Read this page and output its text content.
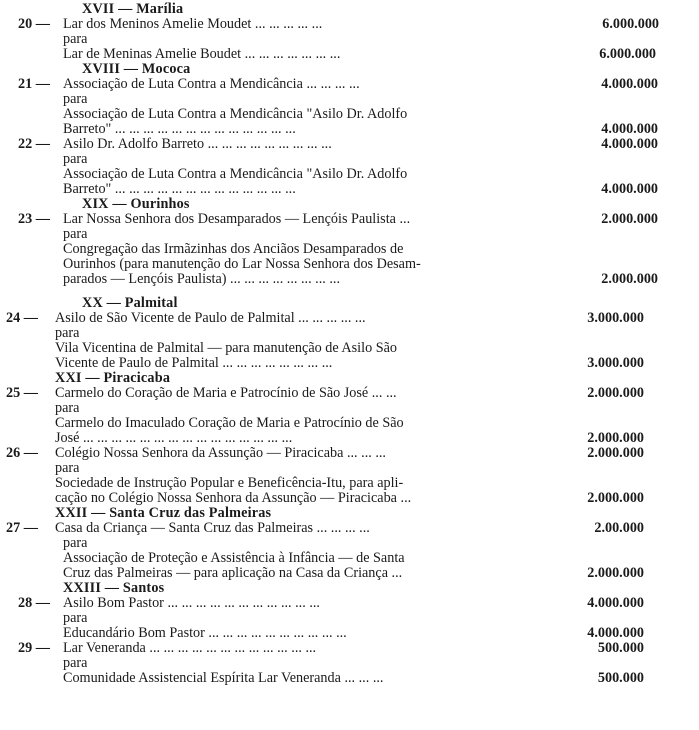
XVII — Marília
20 — Lar dos Meninos Amelie Moudet ... ... ... ... ...	6.000.000
para
Lar de Meninas Amelie Boudet ... ... ... ... ... ... ...	6.000.000
XVIII — Mococa
21 — Associação de Luta Contra a Mendicância ... ... ... ...	4.000.000
para
Associação de Luta Contra a Mendicância "Asilo Dr. Adolfo
Barreto" ... ... ... ... ... ... ... ... ... ... ... ... ...	4.000.000
22 — Asilo Dr. Adolfo Barreto ... ... ... ... ... ... ... ... ...	4.000.000
para
Associação de Luta Contra a Mendicância "Asilo Dr. Adolfo
Barreto" ... ... ... ... ... ... ... ... ... ... ... ... ...	4.000.000
XIX — Ourinhos
23 — Lar Nossa Senhora dos Desamparados — Lençóis Paulista ...	2.000.000
para
Congregação das Irmãzinhas dos Anciãos Desamparados de
Ourinhos (para manutenção do Lar Nossa Senhora dos Desam-
parados — Lençóis Paulista) ... ... ... ... ... ... ... ...	2.000.000
XX — Palmital
24 — Asilo de São Vicente de Paulo de Palmital ... ... ... ... ...	3.000.000
para
Vila Vicentina de Palmital — para manutenção de Asilo São
Vicente de Paulo de Palmital ... ... ... ... ... ... ... ...	3.000.000
XXI — Piracicaba
25 — Carmelo do Coração de Maria e Patrocínio de São José ... ...	2.000.000
para
Carmelo do Imaculado Coração de Maria e Patrocínio de São
José ... ... ... ... ... ... ... ... ... ... ... ... ... ... ...	2.000.000
26 — Colégio Nossa Senhora da Assunção — Piracicaba ... ... ...	2.000.000
para
Sociedade de Instrução Popular e Beneficência-Itu, para apli-
cação no Colégio Nossa Senhora da Assunção — Piracicaba ...	2.000.000
XXII — Santa Cruz das Palmeiras
27 — Casa da Criança — Santa Cruz das Palmeiras ... ... ... ...	2.00.000
para
Associação de Proteção e Assistência à Infância — de Santa
Cruz das Palmeiras — para aplicação na Casa da Criança ...	2.000.000
XXIII — Santos
28 — Asilo Bom Pastor ... ... ... ... ... ... ... ... ... ... ...	4.000.000
para
Educandário Bom Pastor ... ... ... ... ... ... ... ... ... ...	4.000.000
29 — Lar Veneranda ... ... ... ... ... ... ... ... ... ... ... ...	500.000
para
Comunidade Assistencial Espírita Lar Veneranda ... ... ...	500.000
